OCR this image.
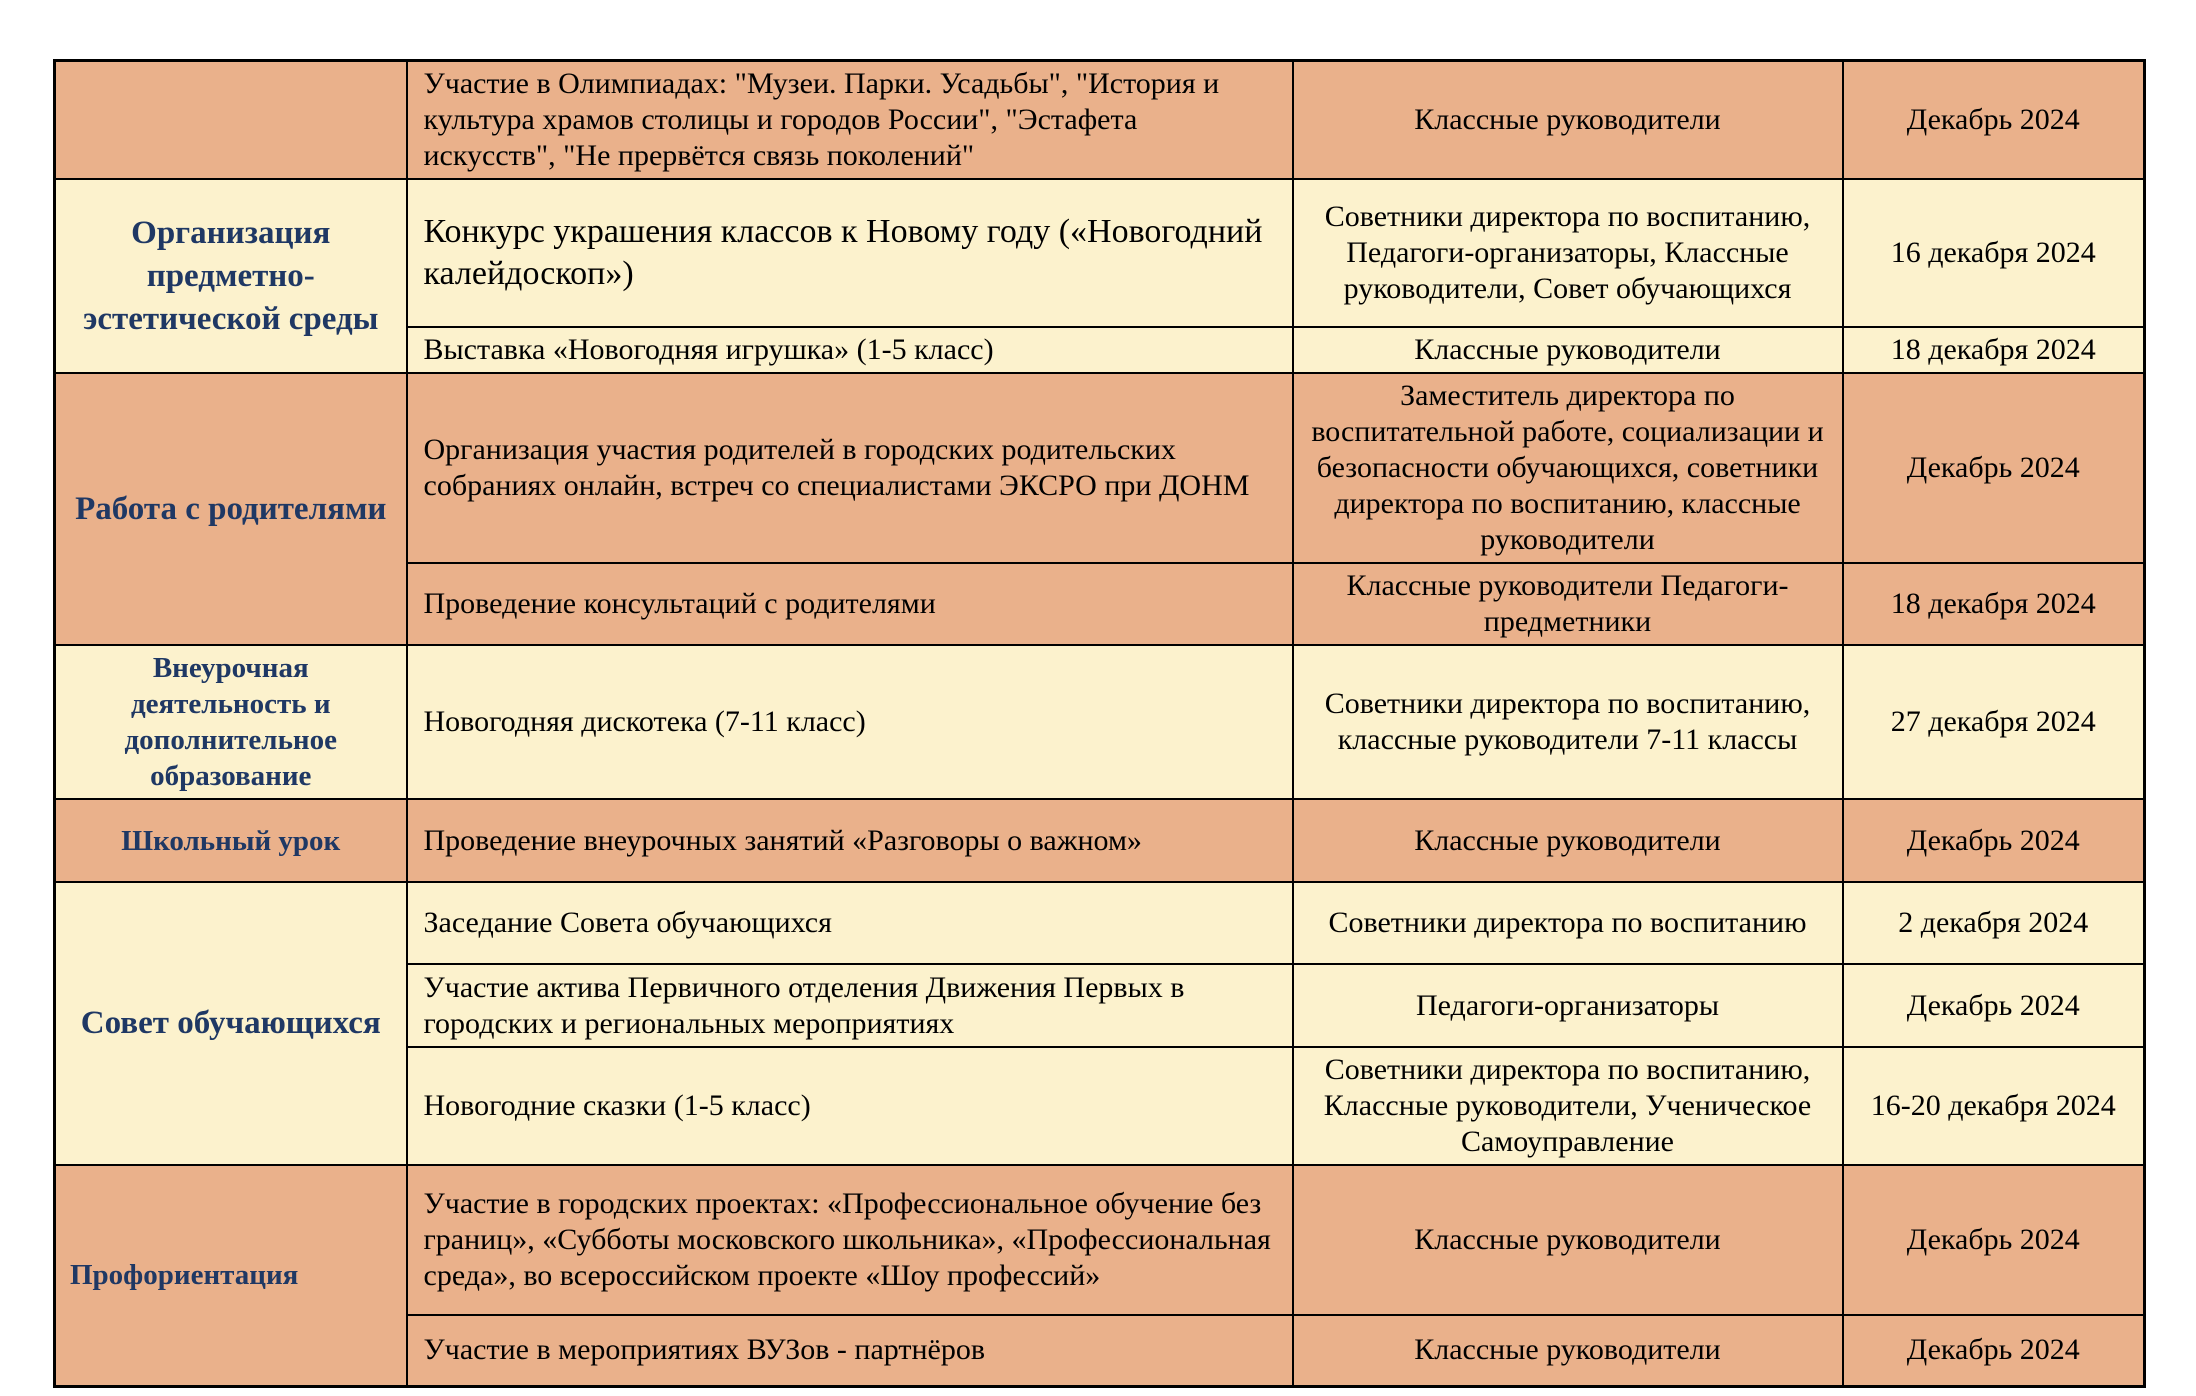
	Участие в Олимпиадах: "Музеи. Парки. Усадьбы", "История и культура храмов столицы и городов России", "Эстафета искусств", "Не прервётся связь поколений"	Классные руководители	Декабрь 2024
Организация предметно-эстетической среды	Конкурс украшения классов к Новому году («Новогодний калейдоскоп»)	Советники директора по воспитанию, Педагоги-организаторы, Классные руководители, Совет обучающихся	16 декабря 2024
	Выставка «Новогодняя игрушка» (1-5 класс)	Классные руководители	18 декабря 2024
Работа с родителями	Организация участия родителей в городских родительских собраниях онлайн, встреч со специалистами ЭКСРО при ДОНМ	Заместитель директора по воспитательной работе, социализации и безопасности обучающихся, советники директора по воспитанию, классные руководители	Декабрь 2024
	Проведение консультаций с родителями	Классные руководители Педагоги-предметники	18 декабря 2024
Внеурочная деятельность и дополнительное образование	Новогодняя дискотека (7-11 класс)	Советники директора по воспитанию, классные руководители 7-11 классы	27 декабря 2024
Школьный урок	Проведение внеурочных занятий «Разговоры о важном»	Классные руководители	Декабрь 2024
Совет обучающихся	Заседание Совета обучающихся	Советники директора по воспитанию	2 декабря 2024
	Участие актива Первичного отделения Движения Первых в городских и региональных мероприятиях	Педагоги-организаторы	Декабрь 2024
	Новогодние сказки (1-5 класс)	Советники директора по воспитанию, Классные руководители, Ученическое Самоуправление	16-20 декабря 2024
Профориентация	Участие в городских проектах: «Профессиональное обучение без границ», «Субботы московского школьника», «Профессиональная среда», во всероссийском проекте «Шоу профессий»	Классные руководители	Декабрь 2024
	Участие в мероприятиях ВУЗов - партнёров	Классные руководители	Декабрь 2024
